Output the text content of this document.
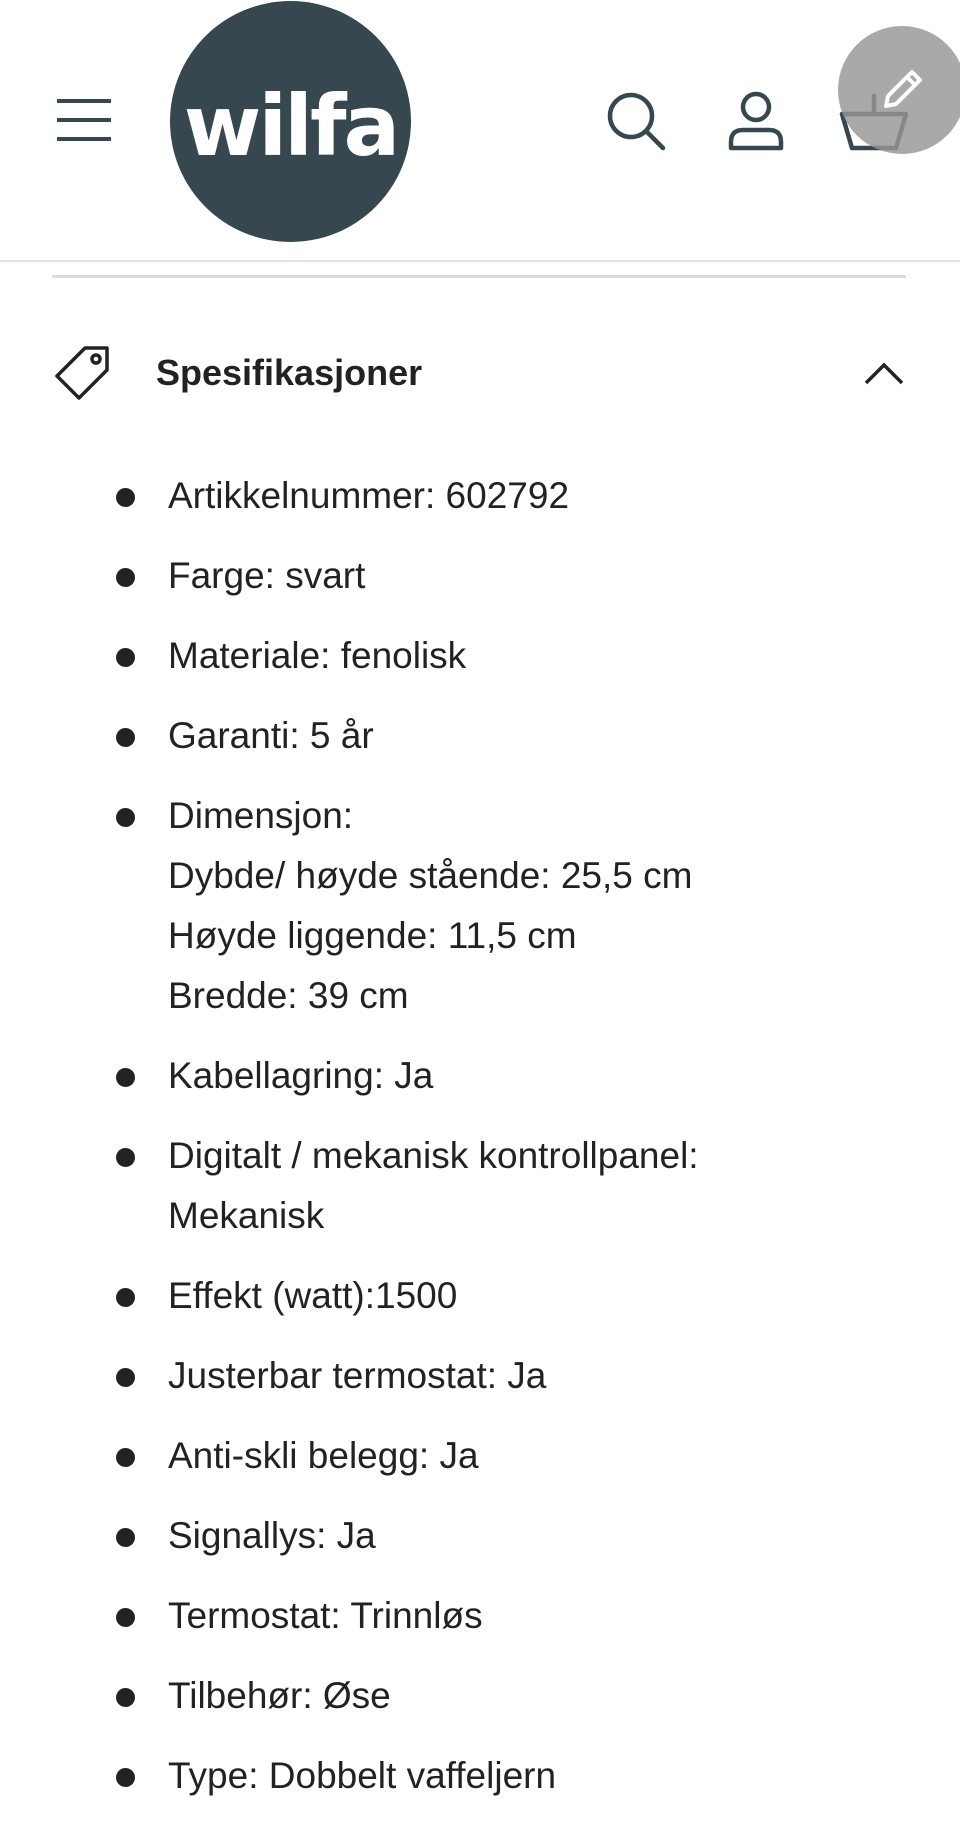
wilfa
Spesifikasjoner
Artikkelnummer: 602792
Farge: svart
Materiale: fenolisk
Garanti: 5 år
Dimensjon:
Dybde/ høyde stående: 25,5 cm
Høyde liggende: 11,5 cm
Bredde: 39 cm
Kabellagring: Ja
Digitalt / mekanisk kontrollpanel:
Mekanisk
Effekt (watt):1500
Justerbar termostat: Ja
Anti-skli belegg: Ja
Signallys: Ja
Termostat: Trinnløs
Tilbehør: Øse
Type: Dobbelt vaffeljern
